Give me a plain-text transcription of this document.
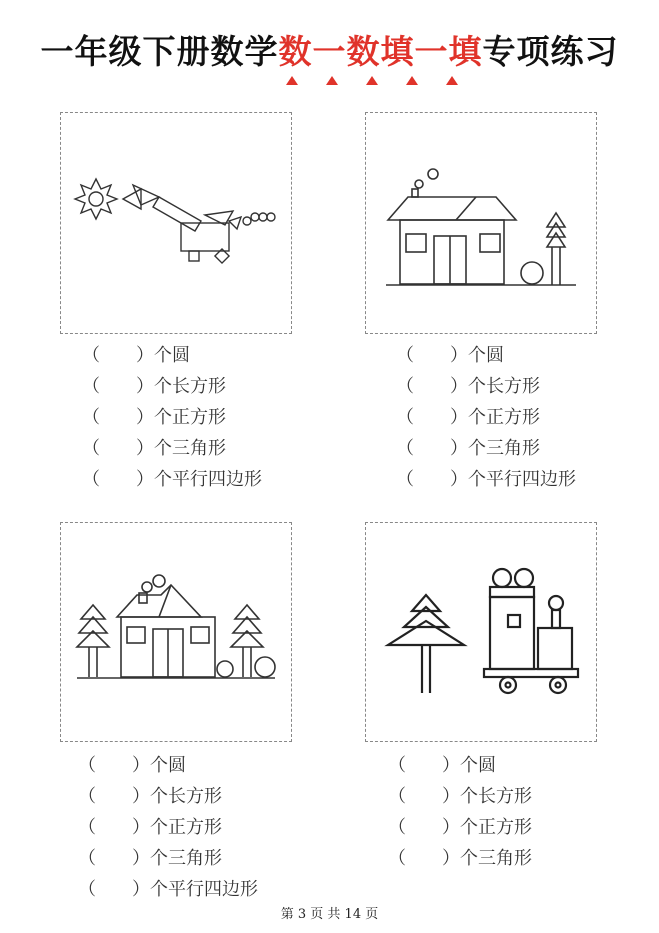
一年级下册数学数一数填一填专项练习
（　　）个圆
（　　）个长方形
（　　）个正方形
（　　）个三角形
（　　）个平行四边形
（　　）个圆
（　　）个长方形
（　　）个正方形
（　　）个三角形
（　　）个平行四边形
（　　）个圆
（　　）个长方形
（　　）个正方形
（　　）个三角形
（　　）个平行四边形
（　　）个圆
（　　）个长方形
（　　）个正方形
（　　）个三角形
第 3 页 共 14 页
